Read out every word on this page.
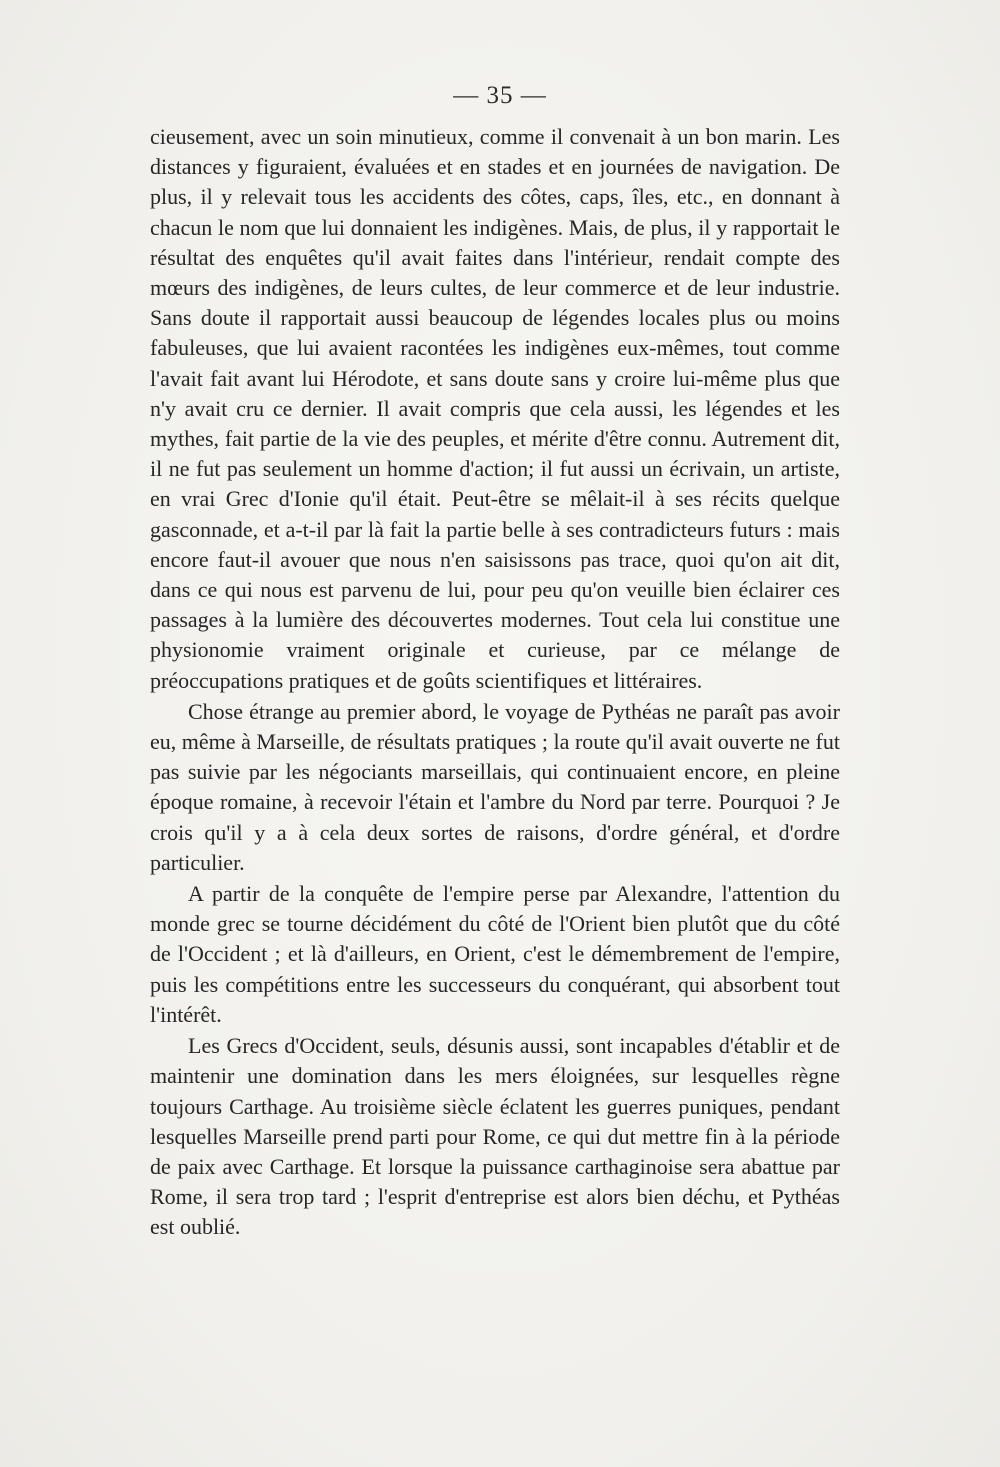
— 35 —

cieusement, avec un soin minutieux, comme il convenait à un bon marin. Les distances y figuraient, évaluées et en stades et en journées de navigation. De plus, il y relevait tous les accidents des côtes, caps, îles, etc., en donnant à chacun le nom que lui donnaient les indigènes. Mais, de plus, il y rapportait le résultat des enquêtes qu'il avait faites dans l'intérieur, rendait compte des mœurs des indigènes, de leurs cultes, de leur commerce et de leur industrie. Sans doute il rapportait aussi beaucoup de légendes locales plus ou moins fabuleuses, que lui avaient racontées les indigènes eux-mêmes, tout comme l'avait fait avant lui Hérodote, et sans doute sans y croire lui-même plus que n'y avait cru ce dernier. Il avait compris que cela aussi, les légendes et les mythes, fait partie de la vie des peuples, et mérite d'être connu. Autrement dit, il ne fut pas seulement un homme d'action; il fut aussi un écrivain, un artiste, en vrai Grec d'Ionie qu'il était. Peut-être se mêlait-il à ses récits quelque gasconnade, et a-t-il par là fait la partie belle à ses contradicteurs futurs : mais encore faut-il avouer que nous n'en saisissons pas trace, quoi qu'on ait dit, dans ce qui nous est parvenu de lui, pour peu qu'on veuille bien éclairer ces passages à la lumière des découvertes modernes. Tout cela lui constitue une physionomie vraiment originale et curieuse, par ce mélange de préoccupations pratiques et de goûts scientifiques et littéraires.

Chose étrange au premier abord, le voyage de Pythéas ne paraît pas avoir eu, même à Marseille, de résultats pratiques ; la route qu'il avait ouverte ne fut pas suivie par les négociants marseillais, qui continuaient encore, en pleine époque romaine, à recevoir l'étain et l'ambre du Nord par terre. Pourquoi ? Je crois qu'il y a à cela deux sortes de raisons, d'ordre général, et d'ordre particulier.

A partir de la conquête de l'empire perse par Alexandre, l'attention du monde grec se tourne décidément du côté de l'Orient bien plutôt que du côté de l'Occident ; et là d'ailleurs, en Orient, c'est le démembrement de l'empire, puis les compétitions entre les successeurs du conquérant, qui absorbent tout l'intérêt.

Les Grecs d'Occident, seuls, désunis aussi, sont incapables d'établir et de maintenir une domination dans les mers éloignées, sur lesquelles règne toujours Carthage. Au troisième siècle éclatent les guerres puniques, pendant lesquelles Marseille prend parti pour Rome, ce qui dut mettre fin à la période de paix avec Carthage. Et lorsque la puissance carthaginoise sera abattue par Rome, il sera trop tard ; l'esprit d'entreprise est alors bien déchu, et Pythéas est oublié.
